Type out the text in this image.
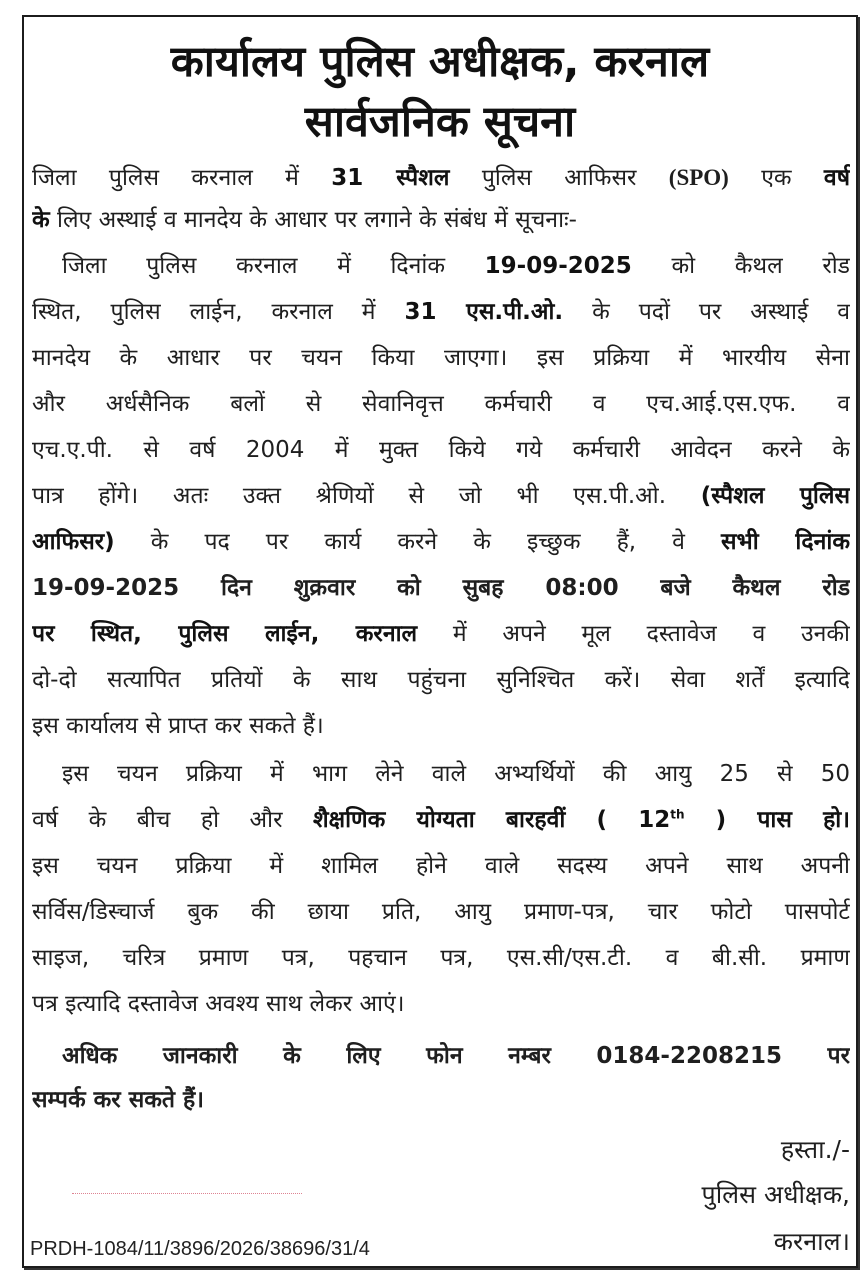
कार्यालय पुलिस अधीक्षक, करनाल
सार्वजनिक सूचना
जिला पुलिस करनाल में 31 स्पैशल पुलिस आफिसर (SPO) एक वर्ष
के लिए अस्थाई व मानदेय के आधार पर लगाने के संबंध में सूचनाः-
जिला पुलिस करनाल में दिनांक 19-09-2025 को कैथल रोड
स्थित, पुलिस लाईन, करनाल में 31 एस.पी.ओ. के पदों पर अस्थाई व
मानदेय के आधार पर चयन किया जाएगा। इस प्रक्रिया में भारयीय सेना
और अर्धसैनिक बलों से सेवानिवृत्त कर्मचारी व एच.आई.एस.एफ. व
एच.ए.पी. से वर्ष 2004 में मुक्त किये गये कर्मचारी आवेदन करने के
पात्र होंगे। अतः उक्त श्रेणियों से जो भी एस.पी.ओ. (स्पैशल पुलिस
आफिसर) के पद पर कार्य करने के इच्छुक हैं, वे सभी दिनांक
19-09-2025 दिन शुक्रवार को सुबह 08:00 बजे कैथल रोड
पर स्थित, पुलिस लाईन, करनाल में अपने मूल दस्तावेज व उनकी
दो-दो सत्यापित प्रतियों के साथ पहुंचना सुनिश्चित करें। सेवा शर्तें इत्यादि
इस कार्यालय से प्राप्त कर सकते हैं।
इस चयन प्रक्रिया में भाग लेने वाले अभ्यर्थियों की आयु 25 से 50
वर्ष के बीच हो और शैक्षणिक योग्यता बारहवीं ( 12th ) पास हो।
इस चयन प्रक्रिया में शामिल होने वाले सदस्य अपने साथ अपनी
सर्विस/डिस्चार्ज बुक की छाया प्रति, आयु प्रमाण-पत्र, चार फोटो पासपोर्ट
साइज, चरित्र प्रमाण पत्र, पहचान पत्र, एस.सी/एस.टी. व बी.सी. प्रमाण
पत्र इत्यादि दस्तावेज अवश्य साथ लेकर आएं।
अधिक जानकारी के लिए फोन नम्बर 0184-2208215 पर
सम्पर्क कर सकते हैं।
हस्ता./-
पुलिस अधीक्षक,
करनाल।
PRDH-1084/11/3896/2026/38696/31/4
